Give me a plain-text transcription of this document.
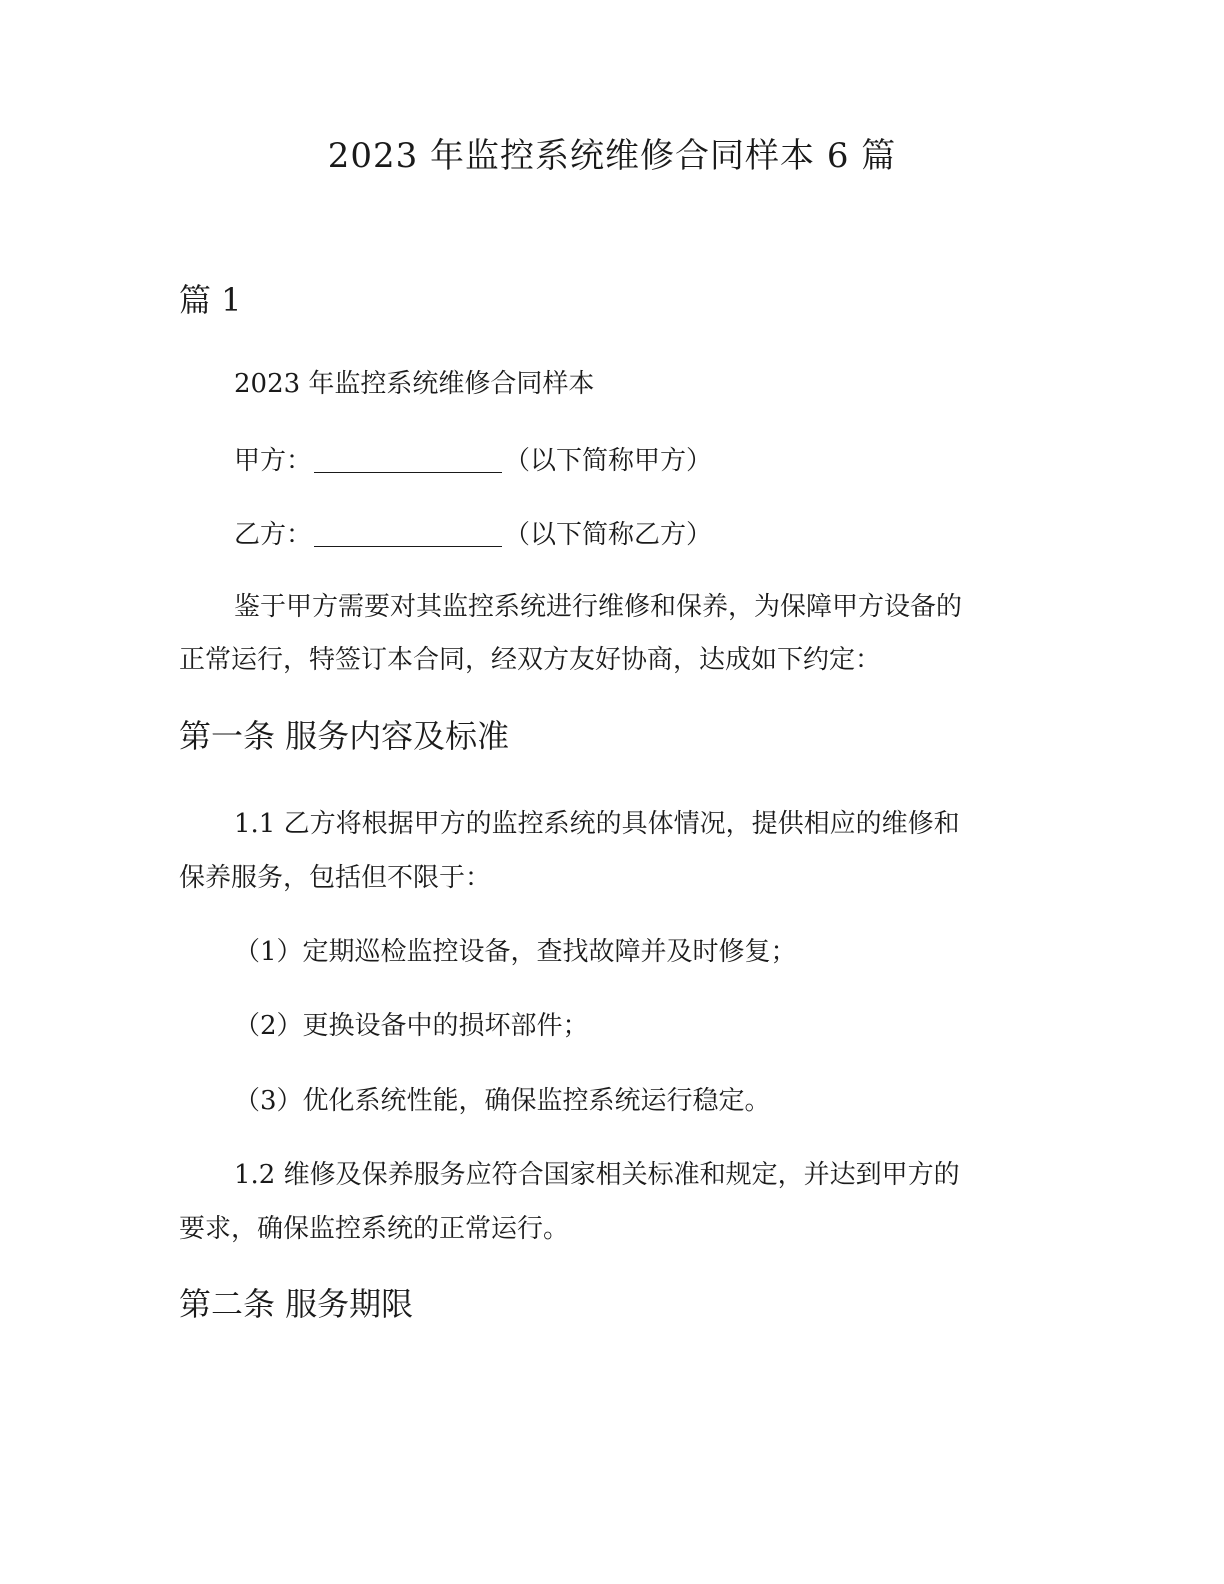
2023 年监控系统维修合同样本 6 篇
篇 1
2023 年监控系统维修合同样本
甲方：	（以下简称甲方）
乙方：	（以下简称乙方）
鉴于甲方需要对其监控系统进行维修和保养，为保障甲方设备的
正常运行，特签订本合同，经双方友好协商，达成如下约定：
第一条 服务内容及标准
1.1 乙方将根据甲方的监控系统的具体情况，提供相应的维修和
保养服务，包括但不限于：
（1）定期巡检监控设备，查找故障并及时修复；
（2）更换设备中的损坏部件；
（3）优化系统性能，确保监控系统运行稳定。
1.2 维修及保养服务应符合国家相关标准和规定，并达到甲方的
要求，确保监控系统的正常运行。
第二条 服务期限
